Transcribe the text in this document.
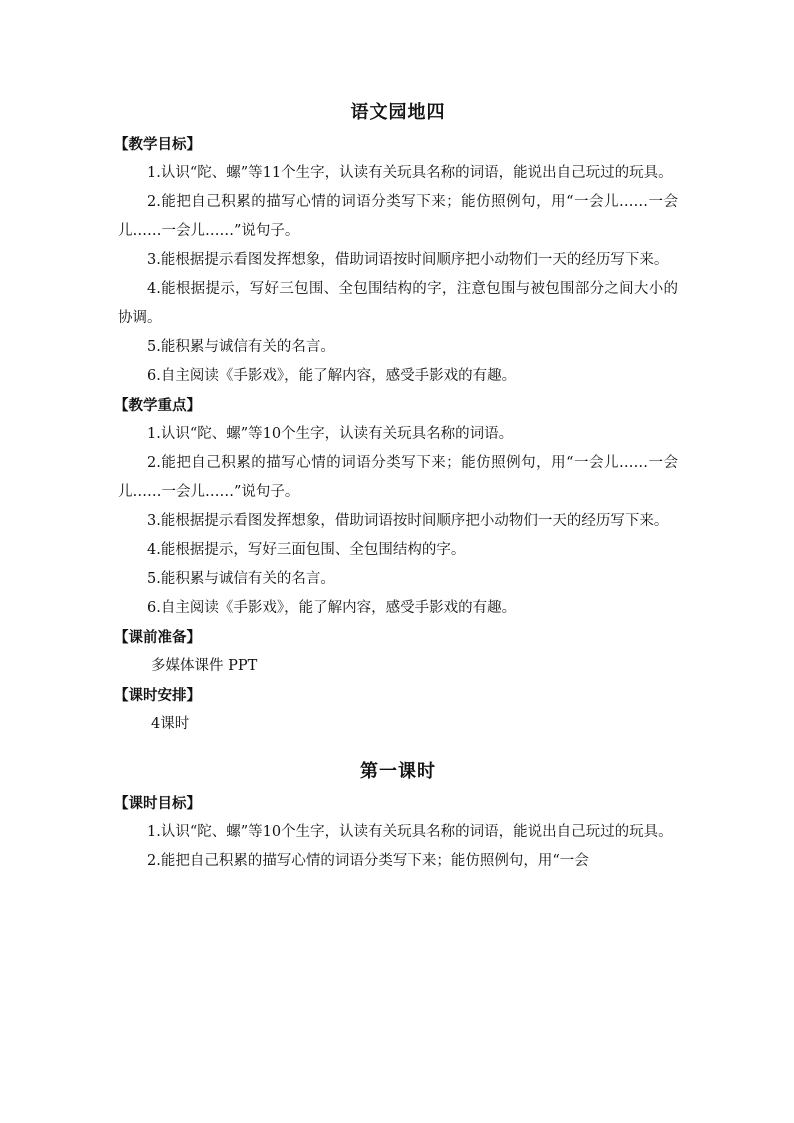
语文园地四

【教学目标】

1.认识“陀、螺”等11个生字，认读有关玩具名称的词语，能说出自己玩过的玩具。

2.能把自己积累的描写心情的词语分类写下来；能仿照例句，用“一会儿……一会儿……一会儿……”说句子。

3.能根据提示看图发挥想象，借助词语按时间顺序把小动物们一天的经历写下来。

4.能根据提示，写好三包围、全包围结构的字，注意包围与被包围部分之间大小的协调。

5.能积累与诚信有关的名言。

6.自主阅读《手影戏》，能了解内容，感受手影戏的有趣。

【教学重点】

1.认识“陀、螺”等10个生字，认读有关玩具名称的词语。

2.能把自己积累的描写心情的词语分类写下来；能仿照例句，用“一会儿……一会儿……一会儿……”说句子。

3.能根据提示看图发挥想象，借助词语按时间顺序把小动物们一天的经历写下来。

4.能根据提示，写好三面包围、全包围结构的字。

5.能积累与诚信有关的名言。

6.自主阅读《手影戏》，能了解内容，感受手影戏的有趣。

【课前准备】

多媒体课件 PPT

【课时安排】

4课时

第一课时

【课时目标】

1.认识“陀、螺”等10个生字，认读有关玩具名称的词语，能说出自己玩过的玩具。

2.能把自己积累的描写心情的词语分类写下来；能仿照例句，用“一会
